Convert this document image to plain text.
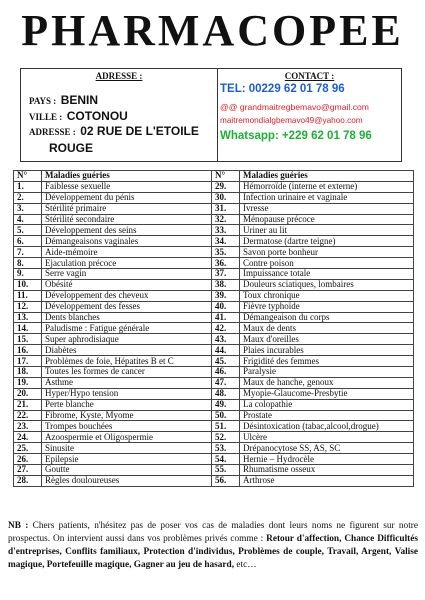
PHARMACOPEE
ADRESSE :
PAYS : BENIN
VILLE : COTONOU
ADRESSE : 02 RUE DE L'ETOILE
ROUGE
CONTACT :
TEL: 00229 62 01 78 96
@@ grandmaitregbemavo@gmail.com
maitremondialgbemavo49@yahoo.com
Whatsapp: +229 62 01 78 96
N°	Maladies guéries	N°	Maladies guéries
1.	Faiblesse sexuelle	29.	Hémorroïde (interne et externe)
2.	Développement du pénis	30.	Infection urinaire et vaginale
3.	Stérilité primaire	31.	Ivresse
4.	Stérilité secondaire	32.	Ménopause précoce
5.	Développement des seins	33.	Uriner au lit
6.	Démangeaisons vaginales	34.	Dermatose (dartre teigne)
7.	Aide-mémoire	35.	Savon porte bonheur
8.	Ejaculation précoce	36.	Contre poison
9.	Serre vagin	37.	Impuissance totale
10.	Obésité	38.	Douleurs sciatiques, lombaires
11.	Développement des cheveux	39.	Toux chronique
12.	Développement des fesses	40.	Fièvre typhoïde
13.	Dents blanches	41.	Démangeaison du corps
14.	Paludisme : Fatigue générale	42.	Maux de dents
15.	Super aphrodisiaque	43.	Maux d'oreilles
16.	Diabètes	44.	Plaies incurables
17.	Problèmes de foie, Hépatites B et C	45.	Frigidité des femmes
18.	Toutes les formes de cancer	46.	Paralysie
19.	Asthme	47.	Maux de hanche, genoux
20.	Hyper/Hypo tension	48.	Myopie-Glaucome-Presbytie
21.	Perte blanche	49.	La colopathie
22.	Fibrome, Kyste, Myome	50.	Prostate
23.	Trompes bouchées	51.	Désintoxication (tabac,alcool,drogue)
24.	Azoospermie et Oligospermie	52.	Ulcère
25.	Sinusite	53.	Drépanocytose SS, AS, SC
26.	Epilepsie	54.	Hernie – Hydrocèle
27.	Goutte	55.	Rhumatisme osseux
28.	Règles douloureuses	56.	Arthrose
NB : Chers patients, n'hésitez pas de poser vos cas de maladies dont leurs noms ne figurent sur notre prospectus. On intervient aussi dans vos problèmes privés comme : Retour d'affection, Chance Difficultés d'entreprises, Conflits familiaux, Protection d'individus, Problèmes de couple, Travail, Argent, Valise magique, Portefeuille magique, Gagner au jeu de hasard, etc…
